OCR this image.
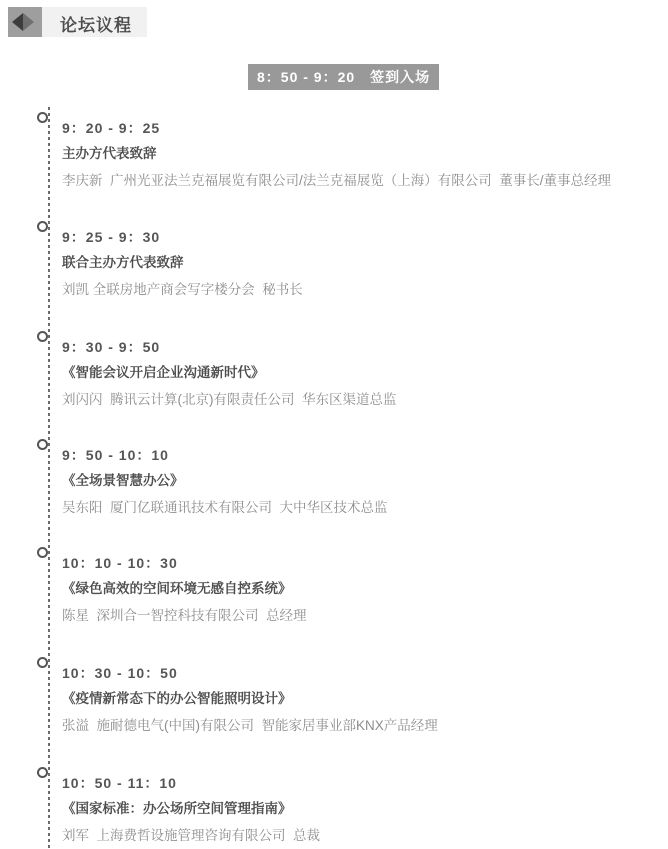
论坛议程
8：50 - 9：20　签到入场
9：20 - 9：25
主办方代表致辞
李庆新  广州光亚法兰克福展览有限公司/法兰克福展览（上海）有限公司  董事长/董事总经理
9：25 - 9：30
联合主办方代表致辞
刘凯 全联房地产商会写字楼分会  秘书长
9：30 - 9：50
《智能会议开启企业沟通新时代》
刘闪闪  腾讯云计算(北京)有限责任公司  华东区渠道总监
9：50 - 10：10
《全场景智慧办公》
吴东阳  厦门亿联通讯技术有限公司  大中华区技术总监
10：10 - 10：30
《绿色高效的空间环境无感自控系统》
陈星  深圳合一智控科技有限公司  总经理
10：30 - 10：50
《疫情新常态下的办公智能照明设计》
张溢  施耐德电气(中国)有限公司  智能家居事业部KNX产品经理
10：50 - 11：10
《国家标准：办公场所空间管理指南》
刘军  上海费哲设施管理咨询有限公司  总裁
